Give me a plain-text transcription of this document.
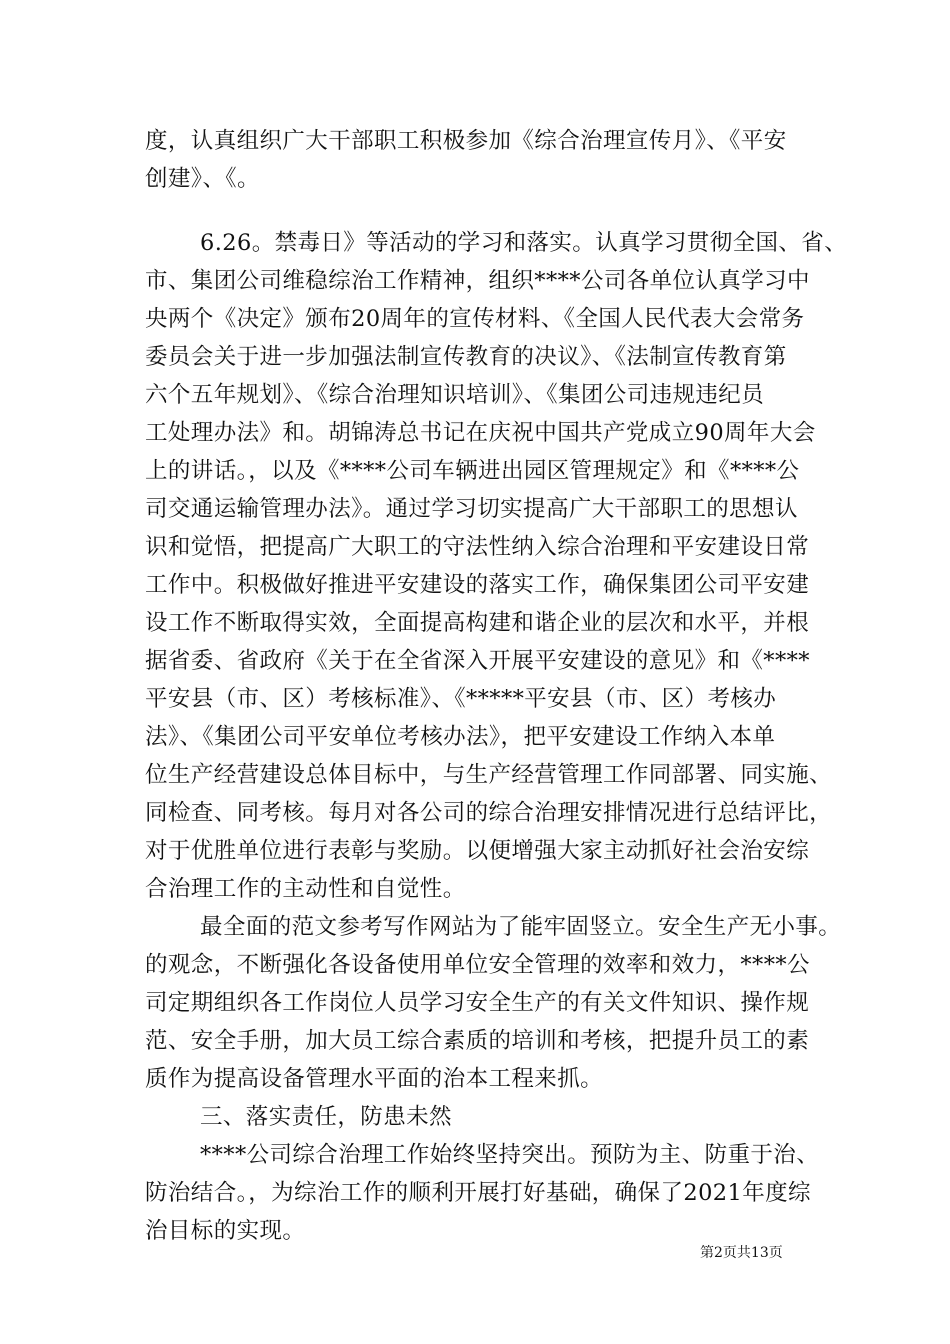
度，认真组织广大干部职工积极参加《综合治理宣传月》、《平安
创建》、《。
6.26。禁毒日》等活动的学习和落实。认真学习贯彻全国、省、
市、集团公司维稳综治工作精神，组织****公司各单位认真学习中
央两个《决定》颁布20周年的宣传材料、《全国人民代表大会常务
委员会关于进一步加强法制宣传教育的决议》、《法制宣传教育第
六个五年规划》、《综合治理知识培训》、《集团公司违规违纪员
工处理办法》和。胡锦涛总书记在庆祝中国共产党成立90周年大会
上的讲话。，以及《****公司车辆进出园区管理规定》和《****公
司交通运输管理办法》。通过学习切实提高广大干部职工的思想认
识和觉悟，把提高广大职工的守法性纳入综合治理和平安建设日常
工作中。积极做好推进平安建设的落实工作，确保集团公司平安建
设工作不断取得实效，全面提高构建和谐企业的层次和水平，并根
据省委、省政府《关于在全省深入开展平安建设的意见》和《****
平安县（市、区）考核标准》、《*****平安县（市、区）考核办
法》、《集团公司平安单位考核办法》，把平安建设工作纳入本单
位生产经营建设总体目标中，与生产经营管理工作同部署、同实施、
同检查、同考核。每月对各公司的综合治理安排情况进行总结评比，
对于优胜单位进行表彰与奖励。以便增强大家主动抓好社会治安综
合治理工作的主动性和自觉性。
最全面的范文参考写作网站为了能牢固竖立。安全生产无小事。
的观念，不断强化各设备使用单位安全管理的效率和效力，****公
司定期组织各工作岗位人员学习安全生产的有关文件知识、操作规
范、安全手册，加大员工综合素质的培训和考核，把提升员工的素
质作为提高设备管理水平面的治本工程来抓。
三、落实责任，防患未然
****公司综合治理工作始终坚持突出。预防为主、防重于治、
防治结合。，为综治工作的顺利开展打好基础，确保了2021年度综
治目标的实现。
第2页共13页
